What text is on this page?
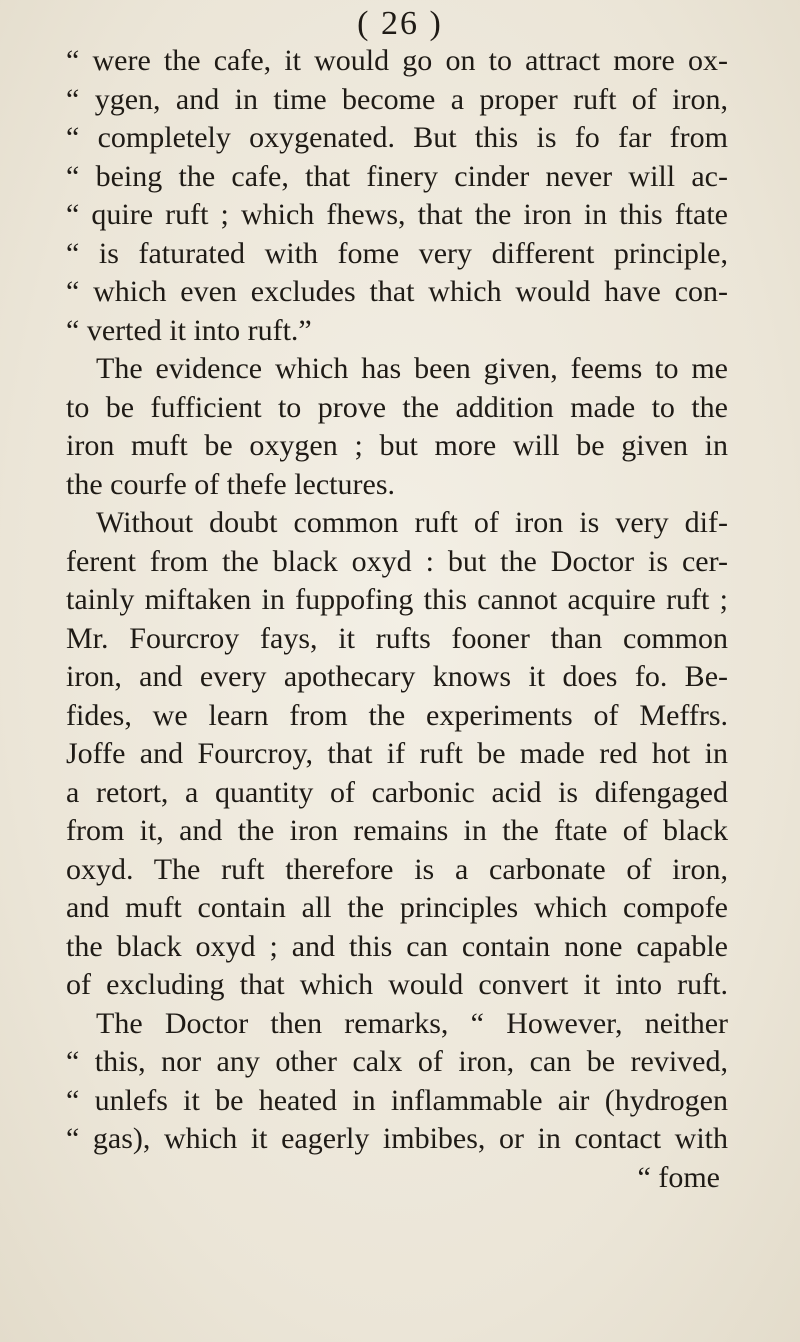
( 26 )
“ were the cafe, it would go on to attract more ox-
“ ygen, and in time become a proper ruft of iron,
“ completely oxygenated. But this is fo far from
“ being the cafe, that finery cinder never will ac-
“ quire ruft ; which fhews, that the iron in this ftate
“ is faturated with fome very different principle,
“ which even excludes that which would have con-
“ verted it into ruft.”
The evidence which has been given, feems to me
to be fufficient to prove the addition made to the
iron muft be oxygen ; but more will be given in
the courfe of thefe lectures.
Without doubt common ruft of iron is very dif-
ferent from the black oxyd : but the Doctor is cer-
tainly miftaken in fuppofing this cannot acquire ruft ;
Mr. Fourcroy fays, it rufts fooner than common
iron, and every apothecary knows it does fo. Be-
fides, we learn from the experiments of Meffrs.
Joffe and Fourcroy, that if ruft be made red hot in
a retort, a quantity of carbonic acid is difengaged
from it, and the iron remains in the ftate of black
oxyd. The ruft therefore is a carbonate of iron,
and muft contain all the principles which compofe
the black oxyd ; and this can contain none capable
of excluding that which would convert it into ruft.
The Doctor then remarks, “ However, neither
“ this, nor any other calx of iron, can be revived,
“ unlefs it be heated in inflammable air (hydrogen
“ gas), which it eagerly imbibes, or in contact with
“ fome
